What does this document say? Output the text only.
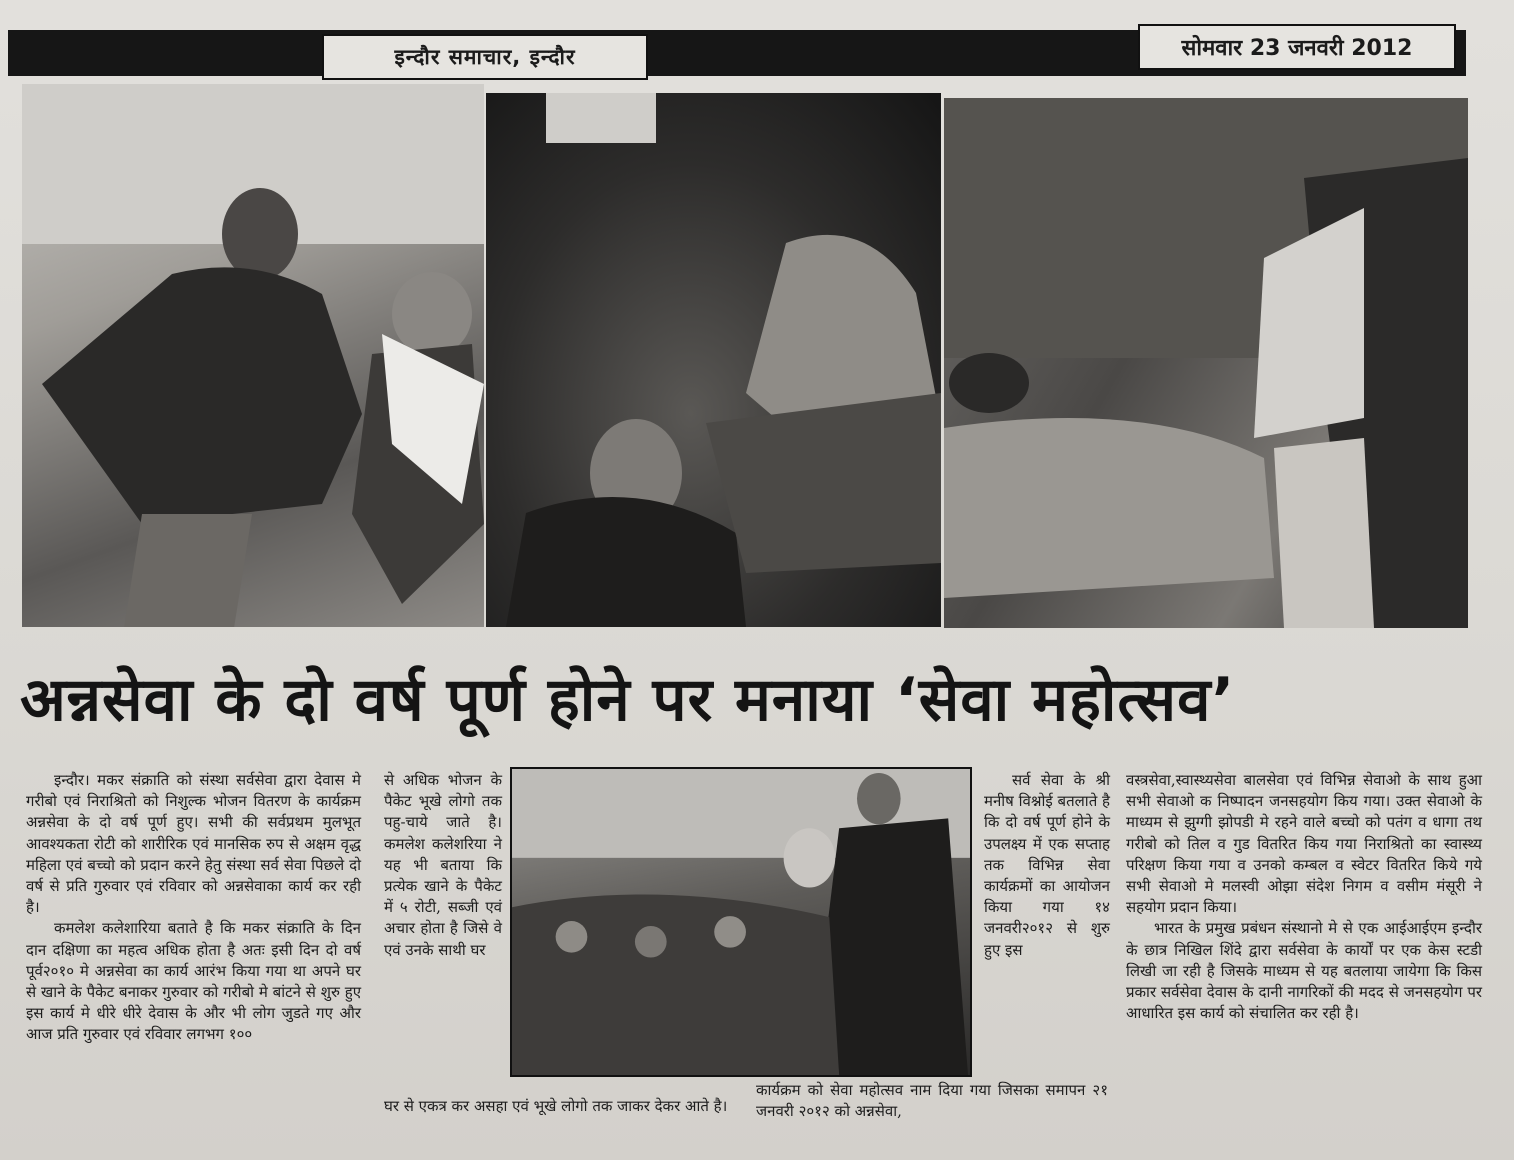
इन्दौर समाचार, इन्दौर	सोमवार 23 जनवरी 2012
अन्नसेवा के दो वर्ष पूर्ण होने पर मनाया ‘सेवा महोत्सव’

इन्दौर। मकर संक्राति को संस्था सर्वसेवा द्वारा देवास मे गरीबो एवं निराश्रितो को निशुल्क भोजन वितरण के कार्यक्रम अन्नसेवा के दो वर्ष पूर्ण हुए। सभी की सर्वप्रथम मुलभूत आवश्यकता रोटी को शारीरिक एवं मानसिक रुप से अक्षम वृद्ध महिला एवं बच्चो को प्रदान करने हेतु संस्था सर्व सेवा पिछले दो वर्ष से प्रति गुरुवार एवं रविवार को अन्नसेवाका कार्य कर रही है।

कमलेश कलेशारिया बताते है कि मकर संक्राति के दिन दान दक्षिणा का महत्व अधिक होता है अतः इसी दिन दो वर्ष पूर्व२०१० मे अन्नसेवा का कार्य आरंभ किया गया था अपने घर से खाने के पैकेट बनाकर गुरुवार को गरीबो मे बांटने से शुरु हुए इस कार्य मे धीरे धीरे देवास के और भी लोग जुडते गए और आज प्रति गुरुवार एवं रविवार लगभग १००

से अधिक भोजन के पैकेट भूखे लोगो तक पहु-चाये जाते है। कमलेश कलेशरिया ने यह भी बताया कि प्रत्येक खाने के पैकेट में ५ रोटी, सब्जी एवं अचार होता है जिसे वे एवं उनके साथी घर

घर से एकत्र कर असहा एवं भूखे लोगो तक जाकर देकर आते है।

सर्व सेवा के श्री मनीष विश्नोई बतलाते है कि दो वर्ष पूर्ण होने के उपलक्ष्य में एक सप्ताह तक विभिन्न सेवा कार्यक्रमों का आयोजन किया गया १४ जनवरी२०१२ से शुरु हुए इस

कार्यक्रम को सेवा महोत्सव नाम दिया गया जिसका समापन २१ जनवरी २०१२ को अन्नसेवा,

वस्त्रसेवा,स्वास्थ्यसेवा बालसेवा एवं विभिन्न सेवाओ के साथ हुआ सभी सेवाओ क निष्पादन जनसहयोग किय गया। उक्त सेवाओ के माध्यम से झुग्गी झोपडी मे रहने वाले बच्चो को पतंग व धागा तथ गरीबो को तिल व गुड वितरित किय गया निराश्रितो का स्वास्थ्य परिक्षण किया गया व उनको कम्बल व स्वेटर वितरित किये गये सभी सेवाओ मे मलस्वी ओझा संदेश निगम व वसीम मंसूरी ने सहयोग प्रदान किया।

भारत के प्रमुख प्रबंधन संस्थानो मे से एक आईआईएम इन्दौर के छात्र निखिल शिंदे द्वारा सर्वसेवा के कार्यों पर एक केस स्टडी लिखी जा रही है जिसके माध्यम से यह बतलाया जायेगा कि किस प्रकार सर्वसेवा देवास के दानी नागरिकों की मदद से जनसहयोग पर आधारित इस कार्य को संचालित कर रही है।
